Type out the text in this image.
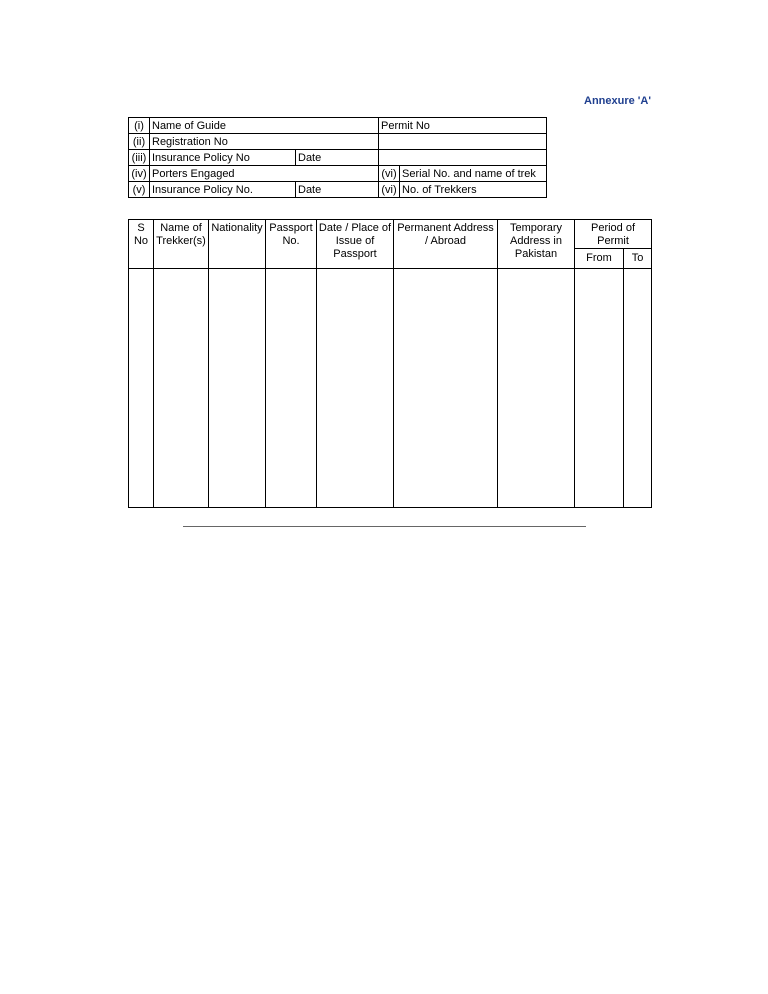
Annexure 'A'
(i)	Name of Guide		Permit No	
(ii)	Registration No			
(iii)	Insurance Policy No	Date		
(iv)	Porters Engaged		(vi)	Serial No. and name of trek
(v)	Insurance Policy No.	Date	(vi)	No. of Trekkers
S No	Name of Trekker(s)	Nationality	Passport No.	Date / Place of Issue of Passport	Permanent Address / Abroad	Temporary Address in Pakistan	Period of Permit	
							From	To
